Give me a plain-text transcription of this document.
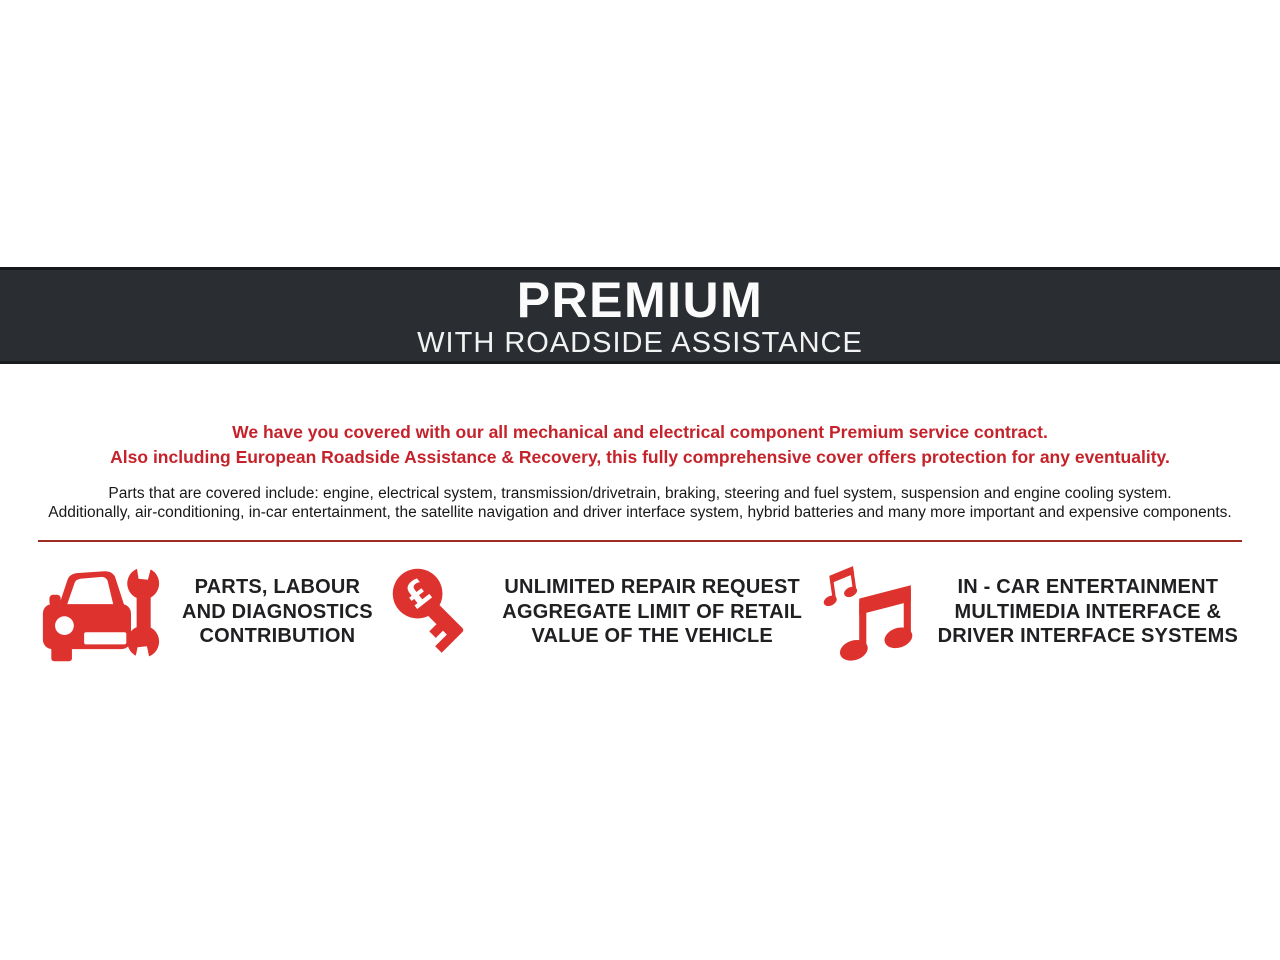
PREMIUM
WITH ROADSIDE ASSISTANCE

We have you covered with our all mechanical and electrical component Premium service contract.
Also including European Roadside Assistance & Recovery, this fully comprehensive cover offers protection for any eventuality.

Parts that are covered include: engine, electrical system, transmission/drivetrain, braking, steering and fuel system, suspension and engine cooling system.
Additionally, air-conditioning, in-car entertainment, the satellite navigation and driver interface system, hybrid batteries and many more important and expensive components.

PARTS, LABOUR
AND DIAGNOSTICS
CONTRIBUTION
£	UNLIMITED REPAIR REQUEST
AGGREGATE LIMIT OF RETAIL
VALUE OF THE VEHICLE
IN - CAR ENTERTAINMENT
MULTIMEDIA INTERFACE &
DRIVER INTERFACE SYSTEMS
